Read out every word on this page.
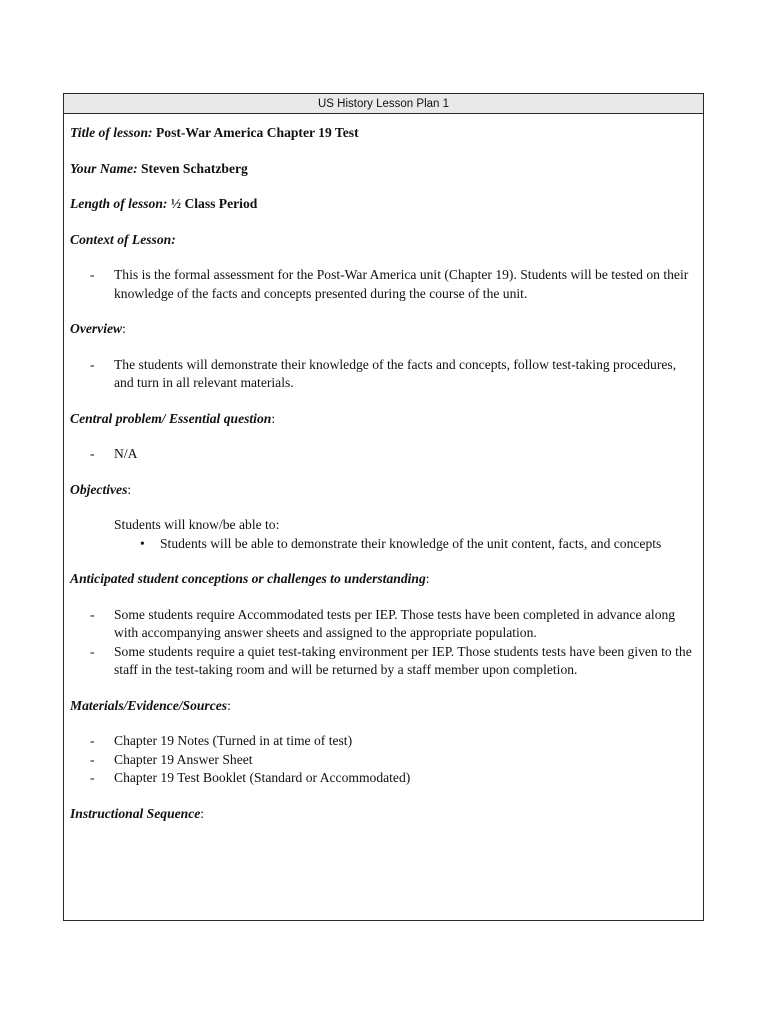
US History Lesson Plan 1

Title of lesson: Post-War America Chapter 19 Test

Your Name: Steven Schatzberg

Length of lesson: ½ Class Period

Context of Lesson:

- This is the formal assessment for the Post-War America unit (Chapter 19). Students will be tested on their knowledge of the facts and concepts presented during the course of the unit.

Overview:

- The students will demonstrate their knowledge of the facts and concepts, follow test-taking procedures, and turn in all relevant materials.

Central problem/ Essential question:

- N/A

Objectives:

Students will know/be able to:

• Students will be able to demonstrate their knowledge of the unit content, facts, and concepts

Anticipated student conceptions or challenges to understanding:

- Some students require Accommodated tests per IEP. Those tests have been completed in advance along with accompanying answer sheets and assigned to the appropriate population.
- Some students require a quiet test-taking environment per IEP. Those students tests have been given to the staff in the test-taking room and will be returned by a staff member upon completion.

Materials/Evidence/Sources:

- Chapter 19 Notes (Turned in at time of test)
- Chapter 19 Answer Sheet
- Chapter 19 Test Booklet (Standard or Accommodated)

Instructional Sequence:
